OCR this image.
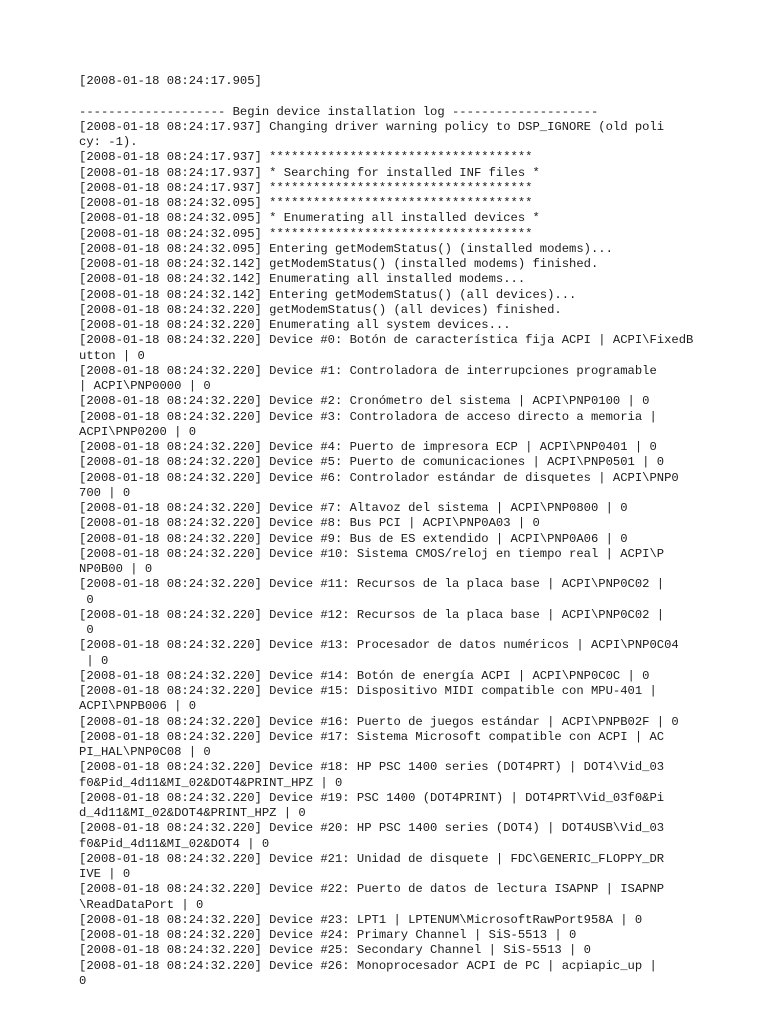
[2008-01-18 08:24:17.905]
-------------------- Begin device installation log --------------------
[2008-01-18 08:24:17.937] Changing driver warning policy to DSP_IGNORE (old poli
cy: -1).
[2008-01-18 08:24:17.937] ************************************
[2008-01-18 08:24:17.937] * Searching for installed INF files *
[2008-01-18 08:24:17.937] ************************************
[2008-01-18 08:24:32.095] ************************************
[2008-01-18 08:24:32.095] * Enumerating all installed devices *
[2008-01-18 08:24:32.095] ************************************
[2008-01-18 08:24:32.095] Entering getModemStatus() (installed modems)...
[2008-01-18 08:24:32.142] getModemStatus() (installed modems) finished.
[2008-01-18 08:24:32.142] Enumerating all installed modems...
[2008-01-18 08:24:32.142] Entering getModemStatus() (all devices)...
[2008-01-18 08:24:32.220] getModemStatus() (all devices) finished.
[2008-01-18 08:24:32.220] Enumerating all system devices...
[2008-01-18 08:24:32.220] Device #0: Botón de característica fija ACPI | ACPI\FixedB
utton | 0
[2008-01-18 08:24:32.220] Device #1: Controladora de interrupciones programable
| ACPI\PNP0000 | 0
[2008-01-18 08:24:32.220] Device #2: Cronómetro del sistema | ACPI\PNP0100 | 0
[2008-01-18 08:24:32.220] Device #3: Controladora de acceso directo a memoria |
ACPI\PNP0200 | 0
[2008-01-18 08:24:32.220] Device #4: Puerto de impresora ECP | ACPI\PNP0401 | 0
[2008-01-18 08:24:32.220] Device #5: Puerto de comunicaciones | ACPI\PNP0501 | 0
[2008-01-18 08:24:32.220] Device #6: Controlador estándar de disquetes | ACPI\PNP0
700 | 0
[2008-01-18 08:24:32.220] Device #7: Altavoz del sistema | ACPI\PNP0800 | 0
[2008-01-18 08:24:32.220] Device #8: Bus PCI | ACPI\PNP0A03 | 0
[2008-01-18 08:24:32.220] Device #9: Bus de ES extendido | ACPI\PNP0A06 | 0
[2008-01-18 08:24:32.220] Device #10: Sistema CMOS/reloj en tiempo real | ACPI\P
NP0B00 | 0
[2008-01-18 08:24:32.220] Device #11: Recursos de la placa base | ACPI\PNP0C02 |
0
[2008-01-18 08:24:32.220] Device #12: Recursos de la placa base | ACPI\PNP0C02 |
0
[2008-01-18 08:24:32.220] Device #13: Procesador de datos numéricos | ACPI\PNP0C04
| 0
[2008-01-18 08:24:32.220] Device #14: Botón de energía ACPI | ACPI\PNP0C0C | 0
[2008-01-18 08:24:32.220] Device #15: Dispositivo MIDI compatible con MPU-401 |
ACPI\PNPB006 | 0
[2008-01-18 08:24:32.220] Device #16: Puerto de juegos estándar | ACPI\PNPB02F | 0
[2008-01-18 08:24:32.220] Device #17: Sistema Microsoft compatible con ACPI | AC
PI_HAL\PNP0C08 | 0
[2008-01-18 08:24:32.220] Device #18: HP PSC 1400 series (DOT4PRT) | DOT4\Vid_03
f0&Pid_4d11&MI_02&DOT4&PRINT_HPZ | 0
[2008-01-18 08:24:32.220] Device #19: PSC 1400 (DOT4PRINT) | DOT4PRT\Vid_03f0&Pi
d_4d11&MI_02&DOT4&PRINT_HPZ | 0
[2008-01-18 08:24:32.220] Device #20: HP PSC 1400 series (DOT4) | DOT4USB\Vid_03
f0&Pid_4d11&MI_02&DOT4 | 0
[2008-01-18 08:24:32.220] Device #21: Unidad de disquete | FDC\GENERIC_FLOPPY_DR
IVE | 0
[2008-01-18 08:24:32.220] Device #22: Puerto de datos de lectura ISAPNP | ISAPNP
\ReadDataPort | 0
[2008-01-18 08:24:32.220] Device #23: LPT1 | LPTENUM\MicrosoftRawPort958A | 0
[2008-01-18 08:24:32.220] Device #24: Primary Channel | SiS-5513 | 0
[2008-01-18 08:24:32.220] Device #25: Secondary Channel | SiS-5513 | 0
[2008-01-18 08:24:32.220] Device #26: Monoprocesador ACPI de PC | acpiapic_up |
0
